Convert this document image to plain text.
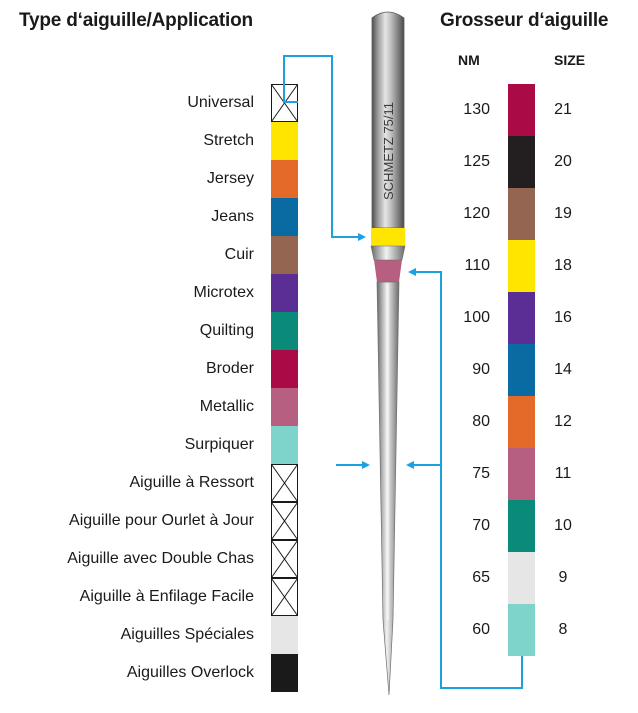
Type d‘aiguille/Application	Grosseur d‘aiguille
NM	SIZE
Universal
Stretch
Jersey
Jeans
Cuir
Microtex
Quilting
Broder
Metallic
Surpiquer
Aiguille à Ressort
Aiguille pour Ourlet à Jour
Aiguille avec Double Chas
Aiguille à Enfilage Facile
Aiguilles Spéciales
Aiguilles Overlock
130
125
120
110
100
90
80
75
70
65
60
21
20
19
18
16
14
12
11
10
9
8
SCHMETZ 75/11
